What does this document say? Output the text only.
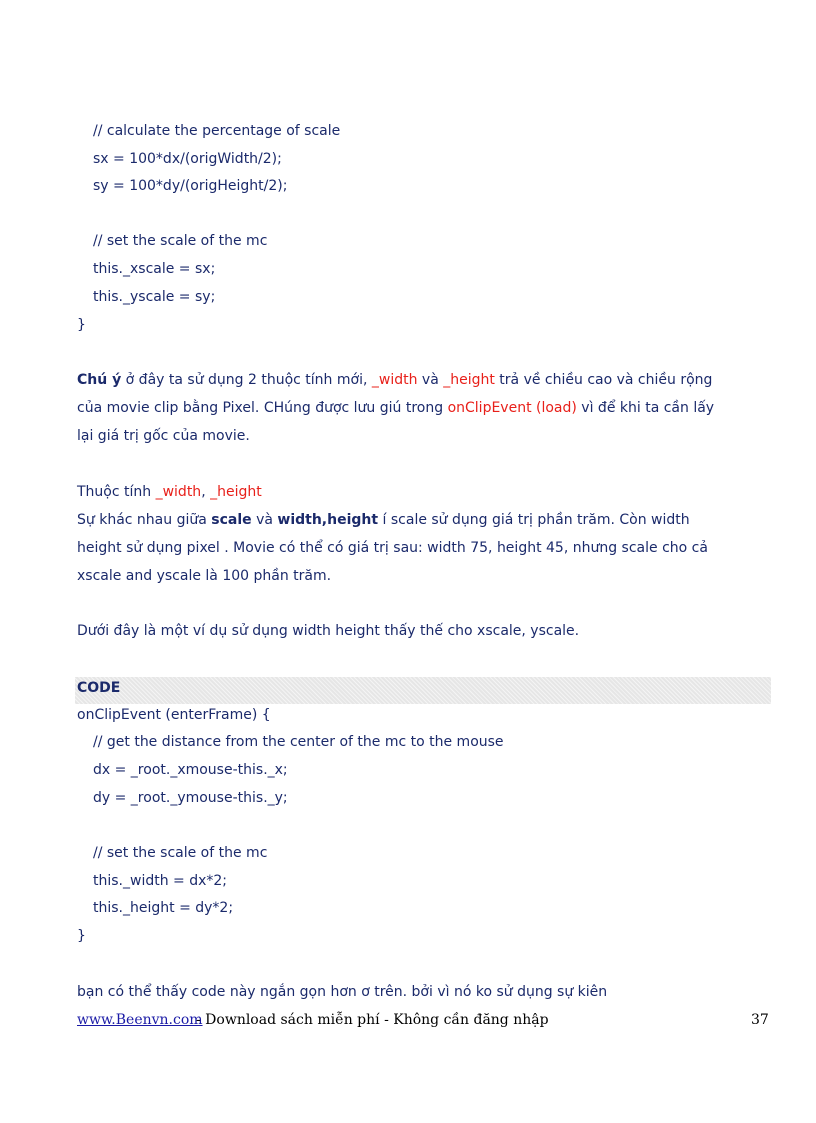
// calculate the percentage of scale
sx = 100*dx/(origWidth/2);
sy = 100*dy/(origHeight/2);
// set the scale of the mc
this._xscale = sx;
this._yscale = sy;
}
Chú ý ở đây ta sử dụng 2 thuộc tính mới, _width và _height trả về chiều cao và chiều rộng
của movie clip bằng Pixel. CHúng được lưu giú trong onClipEvent (load) vì để khi ta cần lấy
lại giá trị gốc của movie.
Thuộc tính _width, _height
Sự khác nhau giữa scale và width,height í scale sử dụng giá trị phần trăm. Còn width
height sử dụng pixel . Movie có thể có giá trị sau: width 75, height 45, nhưng scale cho cả
xscale and yscale là 100 phần trăm.
Dưới đây là một ví dụ sử dụng width height thấy thế cho xscale, yscale.
CODE
onClipEvent (enterFrame) {
// get the distance from the center of the mc to the mouse
dx = _root._xmouse-this._x;
dy = _root._ymouse-this._y;
// set the scale of the mc
this._width = dx*2;
this._height = dy*2;
}
bạn có thể thấy code này ngắn gọn hơn ơ trên. bởi vì nó ko sử dụng sự kiên
www.Beenvn.com
- Download sách miễn phí - Không cần đăng nhập	37
